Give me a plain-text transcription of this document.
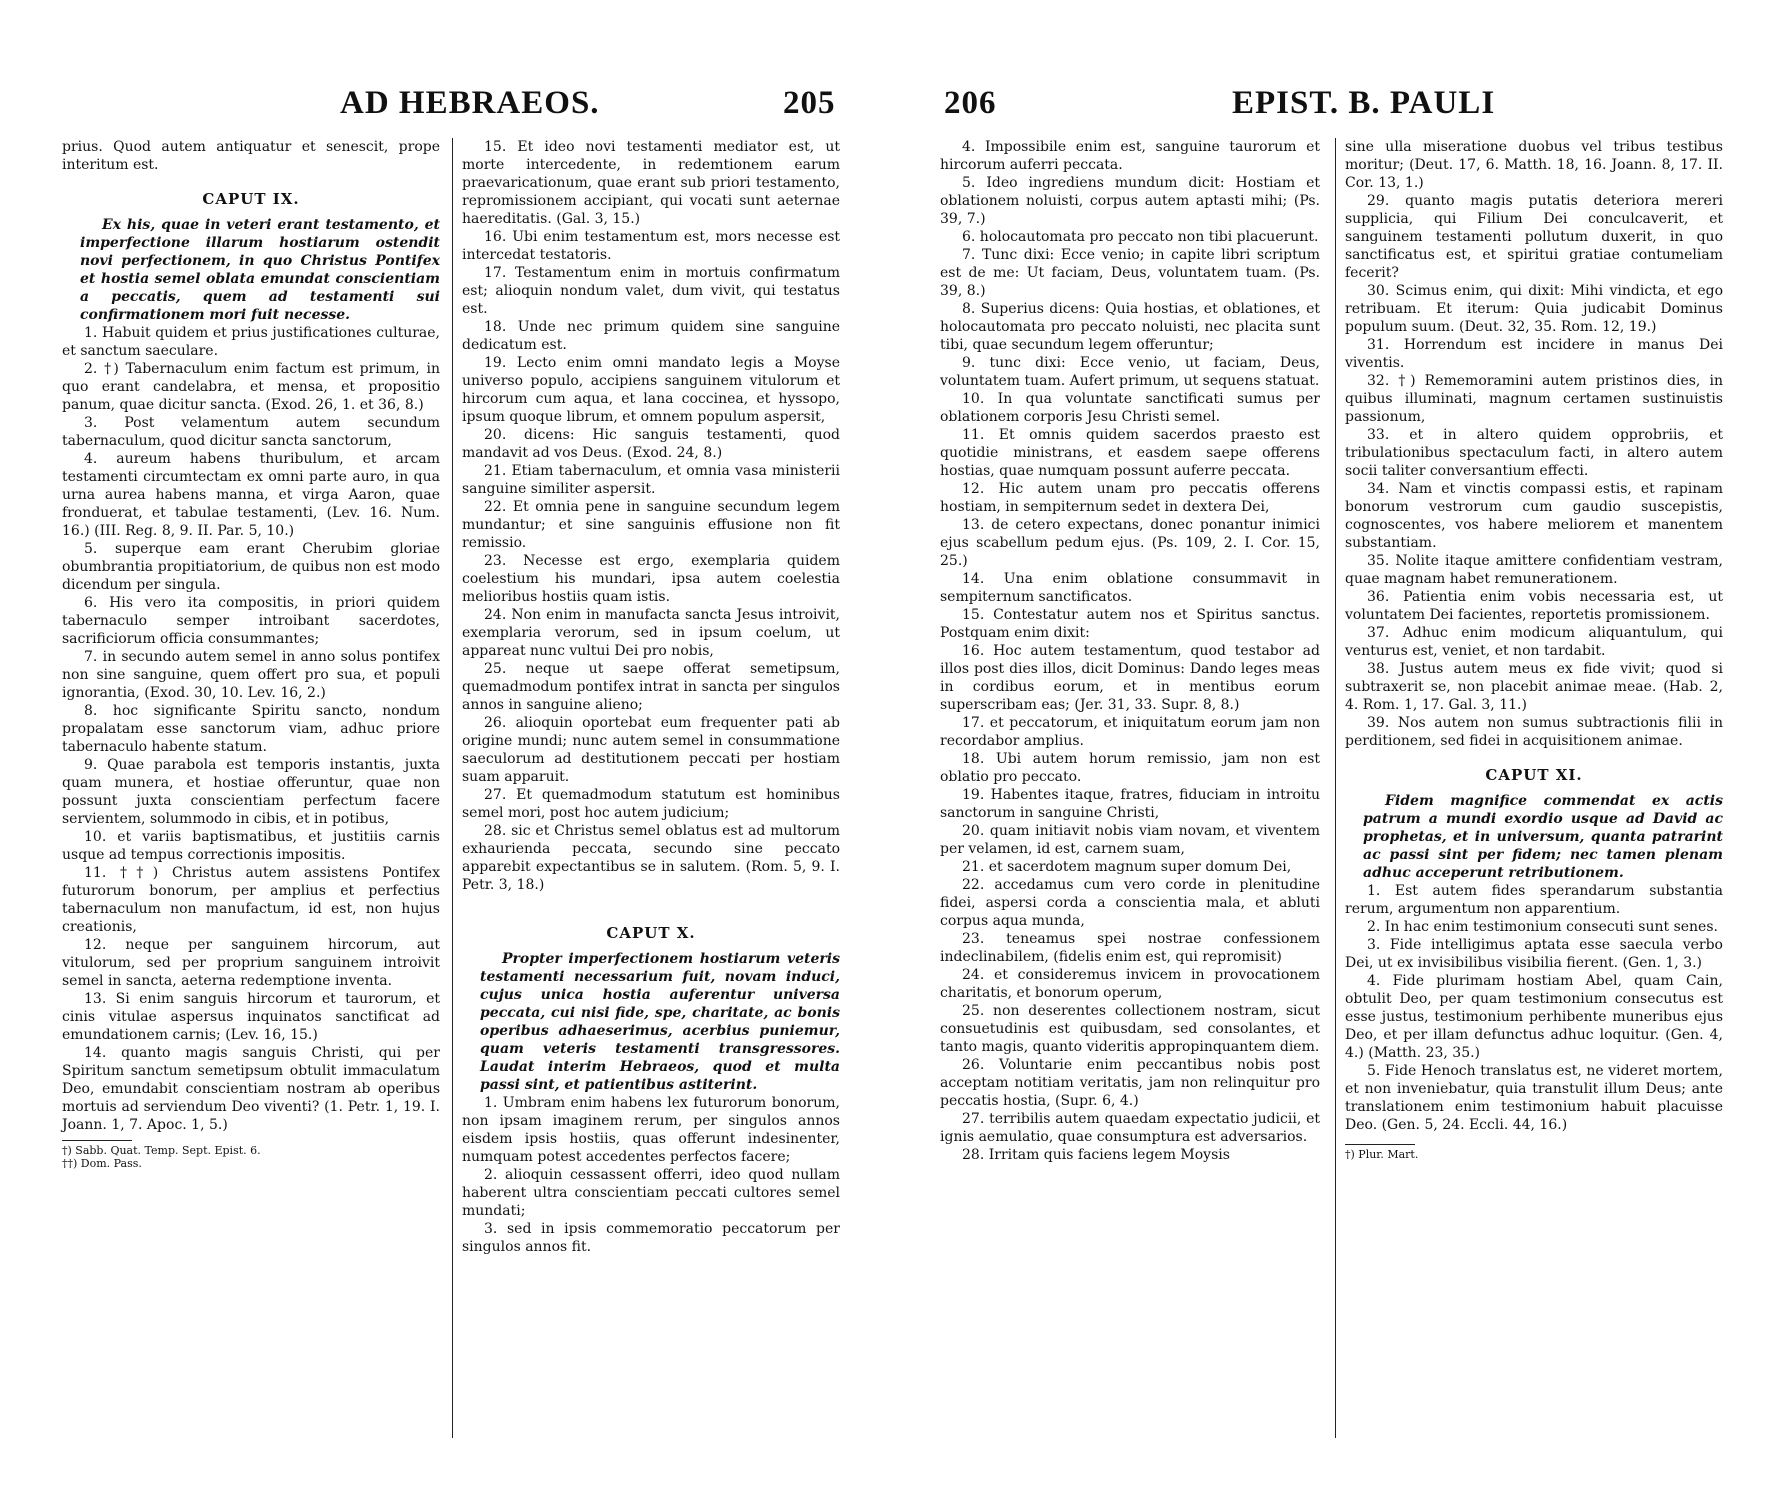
AD HEBRAEOS.	205

prius. Quod autem antiquatur et senescit, prope interitum est.

CAPUT IX.

Ex his, quae in veteri erant testamento, et imperfectione illarum hostiarum ostendit novi perfectionem, in quo Christus Pontifex et hostia semel oblata emundat conscientiam a peccatis, quem ad testamenti sui confirmationem mori fuit necesse.

1. Habuit quidem et prius justificationes culturae, et sanctum saeculare.

2. †) Tabernaculum enim factum est primum, in quo erant candelabra, et mensa, et propositio panum, quae dicitur sancta. (Exod. 26, 1. et 36, 8.)

3. Post velamentum autem secundum tabernaculum, quod dicitur sancta sanctorum,

4. aureum habens thuribulum, et arcam testamenti circumtectam ex omni parte auro, in qua urna aurea habens manna, et virga Aaron, quae fronduerat, et tabulae testamenti, (Lev. 16. Num. 16.) (III. Reg. 8, 9. II. Par. 5, 10.)

5. superque eam erant Cherubim gloriae obumbrantia propitiatorium, de quibus non est modo dicendum per singula.

6. His vero ita compositis, in priori quidem tabernaculo semper introibant sacerdotes, sacrificiorum officia consummantes;

7. in secundo autem semel in anno solus pontifex non sine sanguine, quem offert pro sua, et populi ignorantia, (Exod. 30, 10. Lev. 16, 2.)

8. hoc significante Spiritu sancto, nondum propalatam esse sanctorum viam, adhuc priore tabernaculo habente statum.

9. Quae parabola est temporis instantis, juxta quam munera, et hostiae offeruntur, quae non possunt juxta conscientiam perfectum facere servientem, solummodo in cibis, et in potibus,

10. et variis baptismatibus, et justitiis carnis usque ad tempus correctionis impositis.

11. ††) Christus autem assistens Pontifex futurorum bonorum, per amplius et perfectius tabernaculum non manufactum, id est, non hujus creationis,

12. neque per sanguinem hircorum, aut vitulorum, sed per proprium sanguinem introivit semel in sancta, aeterna redemptione inventa.

13. Si enim sanguis hircorum et taurorum, et cinis vitulae aspersus inquinatos sanctificat ad emundationem carnis; (Lev. 16, 15.)

14. quanto magis sanguis Christi, qui per Spiritum sanctum semetipsum obtulit immaculatum Deo, emundabit conscientiam nostram ab operibus mortuis ad serviendum Deo viventi? (1. Petr. 1, 19. I. Joann. 1, 7. Apoc. 1, 5.)

†) Sabb. Quat. Temp. Sept. Epist. 6.

††) Dom. Pass.

15. Et ideo novi testamenti mediator est, ut morte intercedente, in redemtionem earum praevaricationum, quae erant sub priori testamento, repromissionem accipiant, qui vocati sunt aeternae haereditatis. (Gal. 3, 15.)

16. Ubi enim testamentum est, mors necesse est intercedat testatoris.

17. Testamentum enim in mortuis confirmatum est; alioquin nondum valet, dum vivit, qui testatus est.

18. Unde nec primum quidem sine sanguine dedicatum est.

19. Lecto enim omni mandato legis a Moyse universo populo, accipiens sanguinem vitulorum et hircorum cum aqua, et lana coccinea, et hyssopo, ipsum quoque librum, et omnem populum aspersit,

20. dicens: Hic sanguis testamenti, quod mandavit ad vos Deus. (Exod. 24, 8.)

21. Etiam tabernaculum, et omnia vasa ministerii sanguine similiter aspersit.

22. Et omnia pene in sanguine secundum legem mundantur; et sine sanguinis effusione non fit remissio.

23. Necesse est ergo, exemplaria quidem coelestium his mundari, ipsa autem coelestia melioribus hostiis quam istis.

24. Non enim in manufacta sancta Jesus introivit, exemplaria verorum, sed in ipsum coelum, ut appareat nunc vultui Dei pro nobis,

25. neque ut saepe offerat semetipsum, quemadmodum pontifex intrat in sancta per singulos annos in sanguine alieno;

26. alioquin oportebat eum frequenter pati ab origine mundi; nunc autem semel in consummatione saeculorum ad destitutionem peccati per hostiam suam apparuit.

27. Et quemadmodum statutum est hominibus semel mori, post hoc autem judicium;

28. sic et Christus semel oblatus est ad multorum exhauriendа peccata, secundo sine peccato apparebit expectantibus se in salutem. (Rom. 5, 9. I. Petr. 3, 18.)

CAPUT X.

Propter imperfectionem hostiarum veteris testamenti necessarium fuit, novam induci, cujus unica hostia auferentur universa peccata, cui nisi fide, spe, charitate, ac bonis operibus adhaeserimus, acerbius puniemur, quam veteris testamenti transgressores. Laudat interim Hebraeos, quod et multa passi sint, et patientibus astiterint.

1. Umbram enim habens lex futurorum bonorum, non ipsam imaginem rerum, per singulos annos eisdem ipsis hostiis, quas offerunt indesinenter, numquam potest accedentes perfectos facere;

2. alioquin cessassent offerri, ideo quod nullam haberent ultra conscientiam peccati cultores semel mundati;

3. sed in ipsis commemoratio peccatorum per singulos annos fit.

206	EPIST. B. PAULI

4. Impossibile enim est, sanguine taurorum et hircorum auferri peccata.

5. Ideo ingrediens mundum dicit: Hostiam et oblationem noluisti, corpus autem aptasti mihi; (Ps. 39, 7.)

6. holocautomata pro peccato non tibi placuerunt.

7. Tunc dixi: Ecce venio; in capite libri scriptum est de me: Ut faciam, Deus, voluntatem tuam. (Ps. 39, 8.)

8. Superius dicens: Quia hostias, et oblationes, et holocautomata pro peccato noluisti, nec placita sunt tibi, quae secundum legem offeruntur;

9. tunc dixi: Ecce venio, ut faciam, Deus, voluntatem tuam. Aufert primum, ut sequens statuat.

10. In qua voluntate sanctificati sumus per oblationem corporis Jesu Christi semel.

11. Et omnis quidem sacerdos praesto est quotidie ministrans, et easdem saepe offerens hostias, quae numquam possunt auferre peccata.

12. Hic autem unam pro peccatis offerens hostiam, in sempiternum sedet in dextera Dei,

13. de cetero expectans, donec ponantur inimici ejus scabellum pedum ejus. (Ps. 109, 2. I. Cor. 15, 25.)

14. Una enim oblatione consummavit in sempiternum sanctificatos.

15. Contestatur autem nos et Spiritus sanctus. Postquam enim dixit:

16. Hoc autem testamentum, quod testabor ad illos post dies illos, dicit Dominus: Dando leges meas in cordibus eorum, et in mentibus eorum superscribam eas; (Jer. 31, 33. Supr. 8, 8.)

17. et peccatorum, et iniquitatum eorum jam non recordabor amplius.

18. Ubi autem horum remissio, jam non est oblatio pro peccato.

19. Habentes itaque, fratres, fiduciam in introitu sanctorum in sanguine Christi,

20. quam initiavit nobis viam novam, et viventem per velamen, id est, carnem suam,

21. et sacerdotem magnum super domum Dei,

22. accedamus cum vero corde in plenitudine fidei, aspersi corda a conscientia mala, et abluti corpus aqua munda,

23. teneamus spei nostrae confessionem indeclinabilem, (fidelis enim est, qui repromisit)

24. et consideremus invicem in provocationem charitatis, et bonorum operum,

25. non deserentes collectionem nostram, sicut consuetudinis est quibusdam, sed consolantes, et tanto magis, quanto videritis appropinquantem diem.

26. Voluntarie enim peccantibus nobis post acceptam notitiam veritatis, jam non relinquitur pro peccatis hostia, (Supr. 6, 4.)

27. terribilis autem quaedam expectatio judicii, et ignis aemulatio, quae consumptura est adversarios.

28. Irritam quis faciens legem Moysis

sine ulla miseratione duobus vel tribus testibus moritur; (Deut. 17, 6. Matth. 18, 16. Joann. 8, 17. II. Cor. 13, 1.)

29. quanto magis putatis deteriora mereri supplicia, qui Filium Dei conculcaverit, et sanguinem testamenti pollutum duxerit, in quo sanctificatus est, et spiritui gratiae contumeliam fecerit?

30. Scimus enim, qui dixit: Mihi vindicta, et ego retribuam. Et iterum: Quia judicabit Dominus populum suum. (Deut. 32, 35. Rom. 12, 19.)

31. Horrendum est incidere in manus Dei viventis.

32. †) Rememoramini autem pristinos dies, in quibus illuminati, magnum certamen sustinuistis passionum,

33. et in altero quidem opprobriis, et tribulationibus spectaculum facti, in altero autem socii taliter conversantium effecti.

34. Nam et vinctis compassi estis, et rapinam bonorum vestrorum cum gaudio suscepistis, cognoscentes, vos habere meliorem et manentem substantiam.

35. Nolite itaque amittere confidentiam vestram, quae magnam habet remunerationem.

36. Patientia enim vobis necessaria est, ut voluntatem Dei facientes, reportetis promissionem.

37. Adhuc enim modicum aliquantulum, qui venturus est, veniet, et non tardabit.

38. Justus autem meus ex fide vivit; quod si subtraxerit se, non placebit animae meae. (Hab. 2, 4. Rom. 1, 17. Gal. 3, 11.)

39. Nos autem non sumus subtractionis filii in perditionem, sed fidei in acquisitionem animae.

CAPUT XI.

Fidem magnifice commendat ex actis patrum a mundi exordio usque ad David ac prophetas, et in universum, quanta patrarint ac passi sint per fidem; nec tamen plenam adhuc acceperunt retributionem.

1. Est autem fides sperandarum substantia rerum, argumentum non apparentium.

2. In hac enim testimonium consecuti sunt senes.

3. Fide intelligimus aptata esse saecula verbo Dei, ut ex invisibilibus visibilia fierent. (Gen. 1, 3.)

4. Fide plurimam hostiam Abel, quam Cain, obtulit Deo, per quam testimonium consecutus est esse justus, testimonium perhibente muneribus ejus Deo, et per illam defunctus adhuc loquitur. (Gen. 4, 4.) (Matth. 23, 35.)

5. Fide Henoch translatus est, ne videret mortem, et non inveniebatur, quia transtulit illum Deus; ante translationem enim testimonium habuit placuisse Deo. (Gen. 5, 24. Eccli. 44, 16.)

†) Plur. Mart.
